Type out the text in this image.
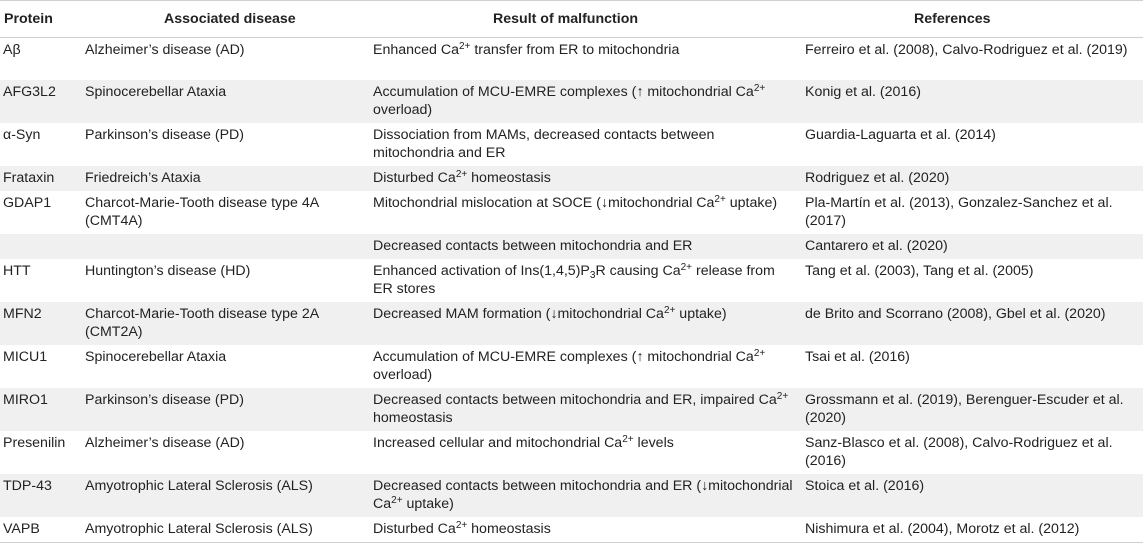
Protein	Associated disease	Result of malfunction	References
Aβ	Alzheimer’s disease (AD)	Enhanced $Ca^{2+}$ transfer from ER to mitochondria	Ferreiro et al. (2008), Calvo-Rodriguez et al. (2019)
AFG3L2	Spinocerebellar Ataxia	Accumulation of MCU-EMRE complexes (↑ mitochondrial $Ca^{2+}$ overload)	Konig et al. (2016)
α-Syn	Parkinson’s disease (PD)	Dissociation from MAMs, decreased contacts between mitochondria and ER	Guardia-Laguarta et al. (2014)
Frataxin	Friedreich’s Ataxia	Disturbed $Ca^{2+}$ homeostasis	Rodriguez et al. (2020)
GDAP1	Charcot-Marie-Tooth disease type 4A (CMT4A)	Mitochondrial mislocation at SOCE (↓mitochondrial $Ca^{2+}$ uptake)	Pla-Martín et al. (2013), Gonzalez-Sanchez et al. (2017)
		Decreased contacts between mitochondria and ER	Cantarero et al. (2020)
HTT	Huntington’s disease (HD)	Enhanced activation of $Ins(1,4,5)P_3R$ causing $Ca^{2+}$ release from ER stores	Tang et al. (2003), Tang et al. (2005)
MFN2	Charcot-Marie-Tooth disease type 2A (CMT2A)	Decreased MAM formation (↓mitochondrial $Ca^{2+}$ uptake)	de Brito and Scorrano (2008), Gbel et al. (2020)
MICU1	Spinocerebellar Ataxia	Accumulation of MCU-EMRE complexes (↑ mitochondrial $Ca^{2+}$ overload)	Tsai et al. (2016)
MIRO1	Parkinson’s disease (PD)	Decreased contacts between mitochondria and ER, impaired $Ca^{2+}$ homeostasis	Grossmann et al. (2019), Berenguer-Escuder et al. (2020)
Presenilin	Alzheimer’s disease (AD)	Increased cellular and mitochondrial $Ca^{2+}$ levels	Sanz-Blasco et al. (2008), Calvo-Rodriguez et al. (2016)
TDP-43	Amyotrophic Lateral Sclerosis (ALS)	Decreased contacts between mitochondria and ER (↓mitochondrial $Ca^{2+}$ uptake)	Stoica et al. (2016)
VAPB	Amyotrophic Lateral Sclerosis (ALS)	Disturbed $Ca^{2+}$ homeostasis	Nishimura et al. (2004), Morotz et al. (2012)
